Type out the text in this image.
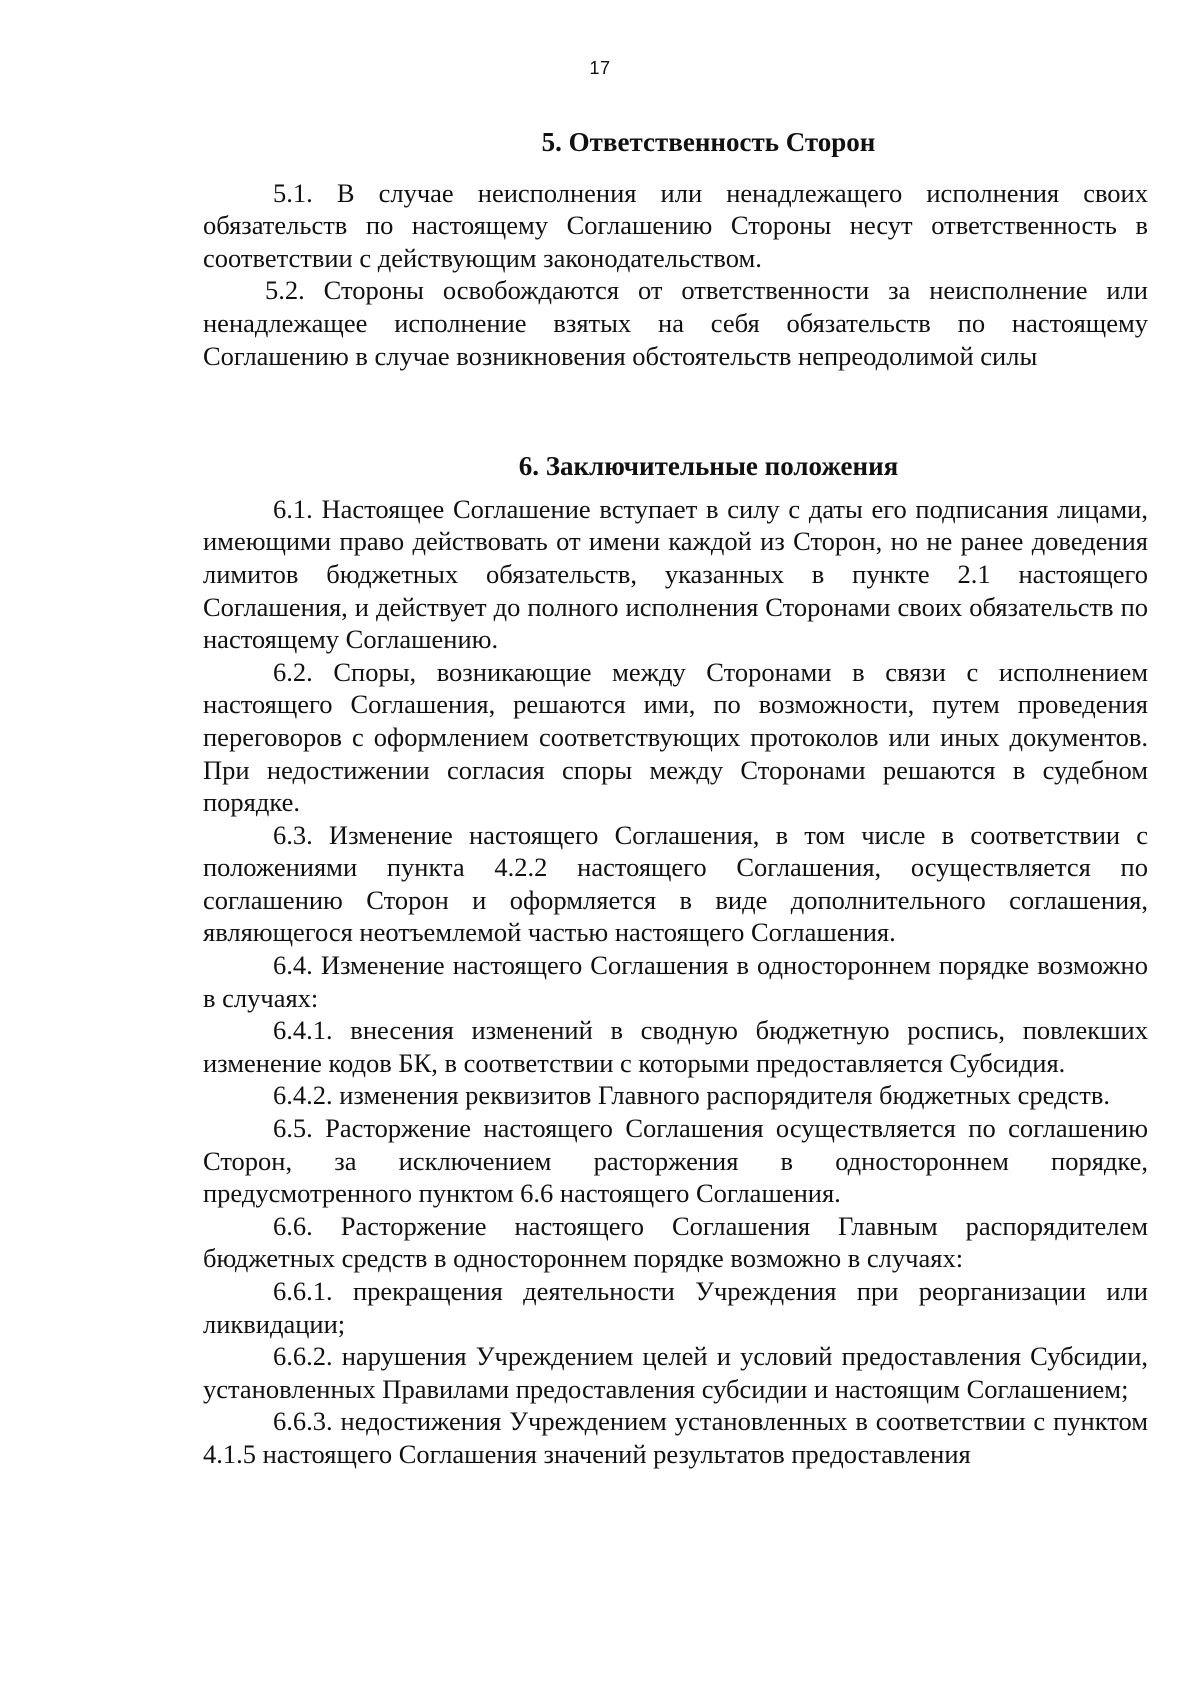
17
5. Ответственность Сторон

5.1. В случае неисполнения или ненадлежащего исполнения своих обязательств по настоящему Соглашению Стороны несут ответственность в соответствии с действующим законодательством.

5.2. Стороны освобождаются от ответственности за неисполнение или ненадлежащее исполнение взятых на себя обязательств по настоящему Соглашению в случае возникновения обстоятельств непреодолимой силы

6. Заключительные положения

6.1. Настоящее Соглашение вступает в силу с даты его подписания лицами, имеющими право действовать от имени каждой из Сторон, но не ранее доведения лимитов бюджетных обязательств, указанных в пункте 2.1 настоящего Соглашения, и действует до полного исполнения Сторонами своих обязательств по настоящему Соглашению.

6.2. Споры, возникающие между Сторонами в связи с исполнением настоящего Соглашения, решаются ими, по возможности, путем проведения переговоров с оформлением соответствующих протоколов или иных документов. При недостижении согласия споры между Сторонами решаются в судебном порядке.

6.3. Изменение настоящего Соглашения, в том числе в соответствии с положениями пункта 4.2.2 настоящего Соглашения, осуществляется по соглашению Сторон и оформляется в виде дополнительного соглашения, являющегося неотъемлемой частью настоящего Соглашения.

6.4. Изменение настоящего Соглашения в одностороннем порядке возможно в случаях:

6.4.1. внесения изменений в сводную бюджетную роспись, повлекших изменение кодов БК, в соответствии с которыми предоставляется Субсидия.

6.4.2. изменения реквизитов Главного распорядителя бюджетных средств.

6.5. Расторжение настоящего Соглашения осуществляется по соглашению Сторон, за исключением расторжения в одностороннем порядке, предусмотренного пунктом 6.6 настоящего Соглашения.

6.6. Расторжение настоящего Соглашения Главным распорядителем бюджетных средств в одностороннем порядке возможно в случаях:

6.6.1. прекращения деятельности Учреждения при реорганизации или ликвидации;

6.6.2. нарушения Учреждением целей и условий предоставления Субсидии, установленных Правилами предоставления субсидии и настоящим Соглашением;

6.6.3. недостижения Учреждением установленных в соответствии с пунктом 4.1.5 настоящего Соглашения значений результатов предоставления
